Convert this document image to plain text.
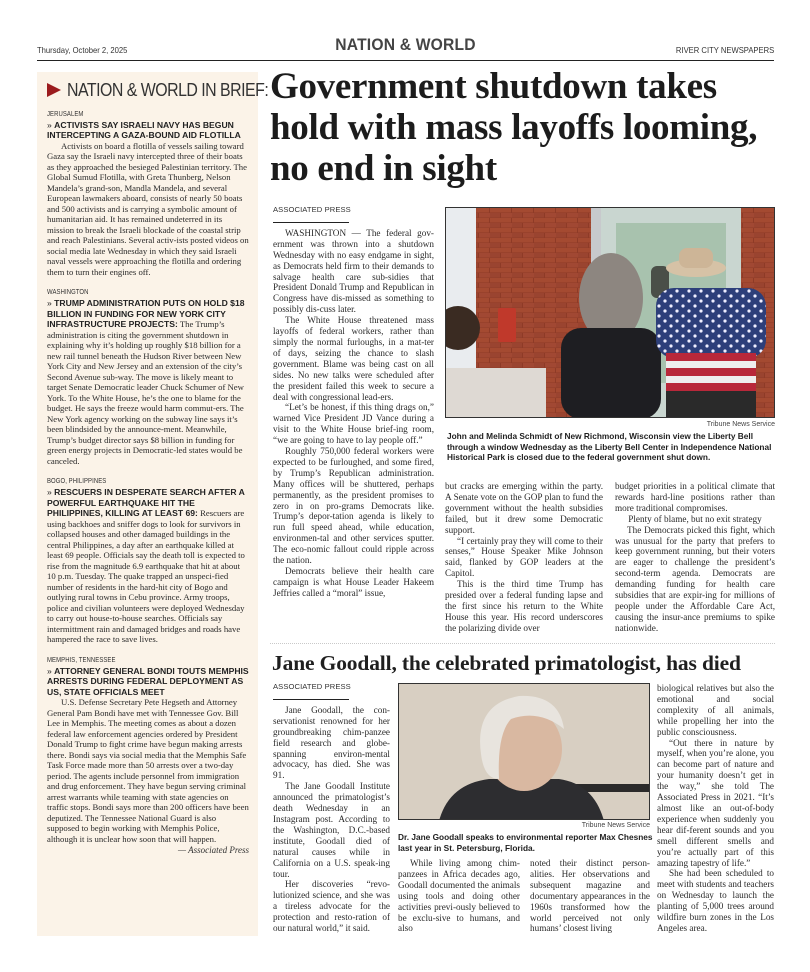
Thursday, October 2, 2025	NATION & WORLD	RIVER CITY NEWSPAPERS
NATION & WORLD IN BRIEF:
JERUSALEM
» ACTIVISTS SAY ISRAELI NAVY HAS BEGUN INTERCEPTING A GAZA-BOUND AID FLOTILLA
Activists on board a flotilla of vessels sailing toward Gaza say the Israeli navy intercepted three of their boats as they approached the besieged Palestinian territory. The Global Sumud Flotilla, with Greta Thunberg, Nelson Mandela’s grand-son, Mandla Mandela, and several European lawmakers aboard, consists of nearly 50 boats and 500 activists and is carrying a symbolic amount of humanitarian aid. It has remained undeterred in its mission to break the Israeli blockade of the coastal strip and reach Palestinians. Several activ-ists posted videos on social media late Wednesday in which they said Israeli naval vessels were approaching the flotilla and ordering them to turn their engines off.
WASHINGTON
» TRUMP ADMINISTRATION PUTS ON HOLD $18 BILLION IN FUNDING FOR NEW YORK CITY INFRASTRUCTURE PROJECTS: The Trump’s administration is citing the government shutdown in explaining why it’s holding up roughly $18 billion for a new rail tunnel beneath the Hudson River between New York City and New Jersey and an extension of the city’s Second Avenue sub-way. The move is likely meant to target Senate Democratic leader Chuck Schumer of New York. To the White House, he’s the one to blame for the budget. He says the freeze would harm commut-ers. The New York agency working on the subway line says it’s been blindsided by the announce-ment. Meanwhile, Trump’s budget director says $8 billion in funding for green energy projects in Democratic-led states would be canceled.
BOGO, PHILIPPINES
» RESCUERS IN DESPERATE SEARCH AFTER A POWERFUL EARTHQUAKE HIT THE PHILIPPINES, KILLING AT LEAST 69: Rescuers are using backhoes and sniffer dogs to look for survivors in collapsed houses and other damaged buildings in the central Philippines, a day after an earthquake killed at least 69 people. Officials say the death toll is expected to rise from the magnitude 6.9 earthquake that hit at about 10 p.m. Tuesday. The quake trapped an unspeci-fied number of residents in the hard-hit city of Bogo and outlying rural towns in Cebu province. Army troops, police and civilian volunteers were deployed Wednesday to carry out house-to-house searches. Officials say intermittment rain and damaged bridges and roads have hampered the race to save lives.
MEMPHIS, TENNESSEE
» ATTORNEY GENERAL BONDI TOUTS MEMPHIS ARRESTS DURING FEDERAL DEPLOYMENT AS US, STATE OFFICIALS MEET
U.S. Defense Secretary Pete Hegseth and Attorney General Pam Bondi have met with Tennessee Gov. Bill Lee in Memphis. The meeting comes as about a dozen federal law enforcement agencies ordered by President Donald Trump to fight crime have begun making arrests there. Bondi says via social media that the Memphis Safe Task Force made more than 50 arrests over a two-day period. The agents include personnel from immigration and drug enforcement. They have begun serving criminal arrest warrants while teaming with state agencies on traffic stops. Bondi says more than 200 officers have been deputized. The Tennessee National Guard is also supposed to begin working with Memphis Police, although it is unclear how soon that will happen.
— Associated Press
Government shutdown takes hold with mass layoffs looming, no end in sight
ASSOCIATED PRESS

WASHINGTON — The federal gov-ernment was thrown into a shutdown Wednesday with no easy endgame in sight, as Democrats held firm to their demands to salvage health care sub-sidies that President Donald Trump and Republican in Congress have dis-missed as something to possibly dis-cuss later.

The White House threatened mass layoffs of federal workers, rather than simply the normal furloughs, in a mat-ter of days, seizing the chance to slash government. Blame was being cast on all sides. No new talks were scheduled after the president failed this week to secure a deal with congressional lead-ers.

“Let’s be honest, if this thing drags on,” warned Vice President JD Vance during a visit to the White House brief-ing room, “we are going to have to lay people off.”

Roughly 750,000 federal workers were expected to be furloughed, and some fired, by Trump’s Republican administration. Many offices will be shuttered, perhaps permanently, as the president promises to zero in on pro-grams Democrats like. Trump’s depor-tation agenda is likely to run full speed ahead, while education, environmen-tal and other services sputter. The eco-nomic fallout could ripple across the nation.

Democrats believe their health care campaign is what House Leader Hakeem Jeffries called a “moral” issue,

Tribune News Service
John and Melinda Schmidt of New Richmond, Wisconsin view the Liberty Bell through a window Wednesday as the Liberty Bell Center in Independence National Historical Park is closed due to the federal government shut down.

but cracks are emerging within the party. A Senate vote on the GOP plan to fund the government without the health subsidies failed, but it drew some Democratic support.

“I certainly pray they will come to their senses,” House Speaker Mike Johnson said, flanked by GOP leaders at the Capitol.

This is the third time Trump has presided over a federal funding lapse and the first since his return to the White House this year. His record underscores the polarizing divide over

budget priorities in a political climate that rewards hard-line positions rather than more traditional compromises.

Plenty of blame, but no exit strategy

The Democrats picked this fight, which was unusual for the party that prefers to keep government running, but their voters are eager to challenge the president’s second-term agenda. Democrats are demanding funding for health care subsidies that are expir-ing for millions of people under the Affordable Care Act, causing the insur-ance premiums to spike nationwide.

Jane Goodall, the celebrated primatologist, has died
ASSOCIATED PRESS

Jane Goodall, the con-servationist renowned for her groundbreaking chim-panzee field research and globe-spanning environ-mental advocacy, has died. She was 91.

The Jane Goodall Institute announced the primatologist’s death Wednesday in an Instagram post. According to the Washington, D.C.-based institute, Goodall died of natural causes while in California on a U.S. speak-ing tour.

Her discoveries “revo-lutionized science, and she was a tireless advocate for the protection and resto-ration of our natural world,” it said.

Tribune News Service
Dr. Jane Goodall speaks to environmental reporter Max Chesnes last year in St. Petersburg, Florida.

While living among chim-panzees in Africa decades ago, Goodall documented the animals using tools and doing other activities previ-ously believed to be exclu-sive to humans, and also

noted their distinct person-alities. Her observations and subsequent magazine and documentary appearances in the 1960s transformed how the world perceived not only humans’ closest living

biological relatives but also the emotional and social complexity of all animals, while propelling her into the public consciousness.

“Out there in nature by myself, when you’re alone, you can become part of nature and your humanity doesn’t get in the way,” she told The Associated Press in 2021. “It’s almost like an out-of-body experience when suddenly you hear dif-ferent sounds and you smell different smells and you’re actually part of this amazing tapestry of life.”

She had been scheduled to meet with students and teachers on Wednesday to launch the planting of 5,000 trees around wildfire burn zones in the Los Angeles area.
